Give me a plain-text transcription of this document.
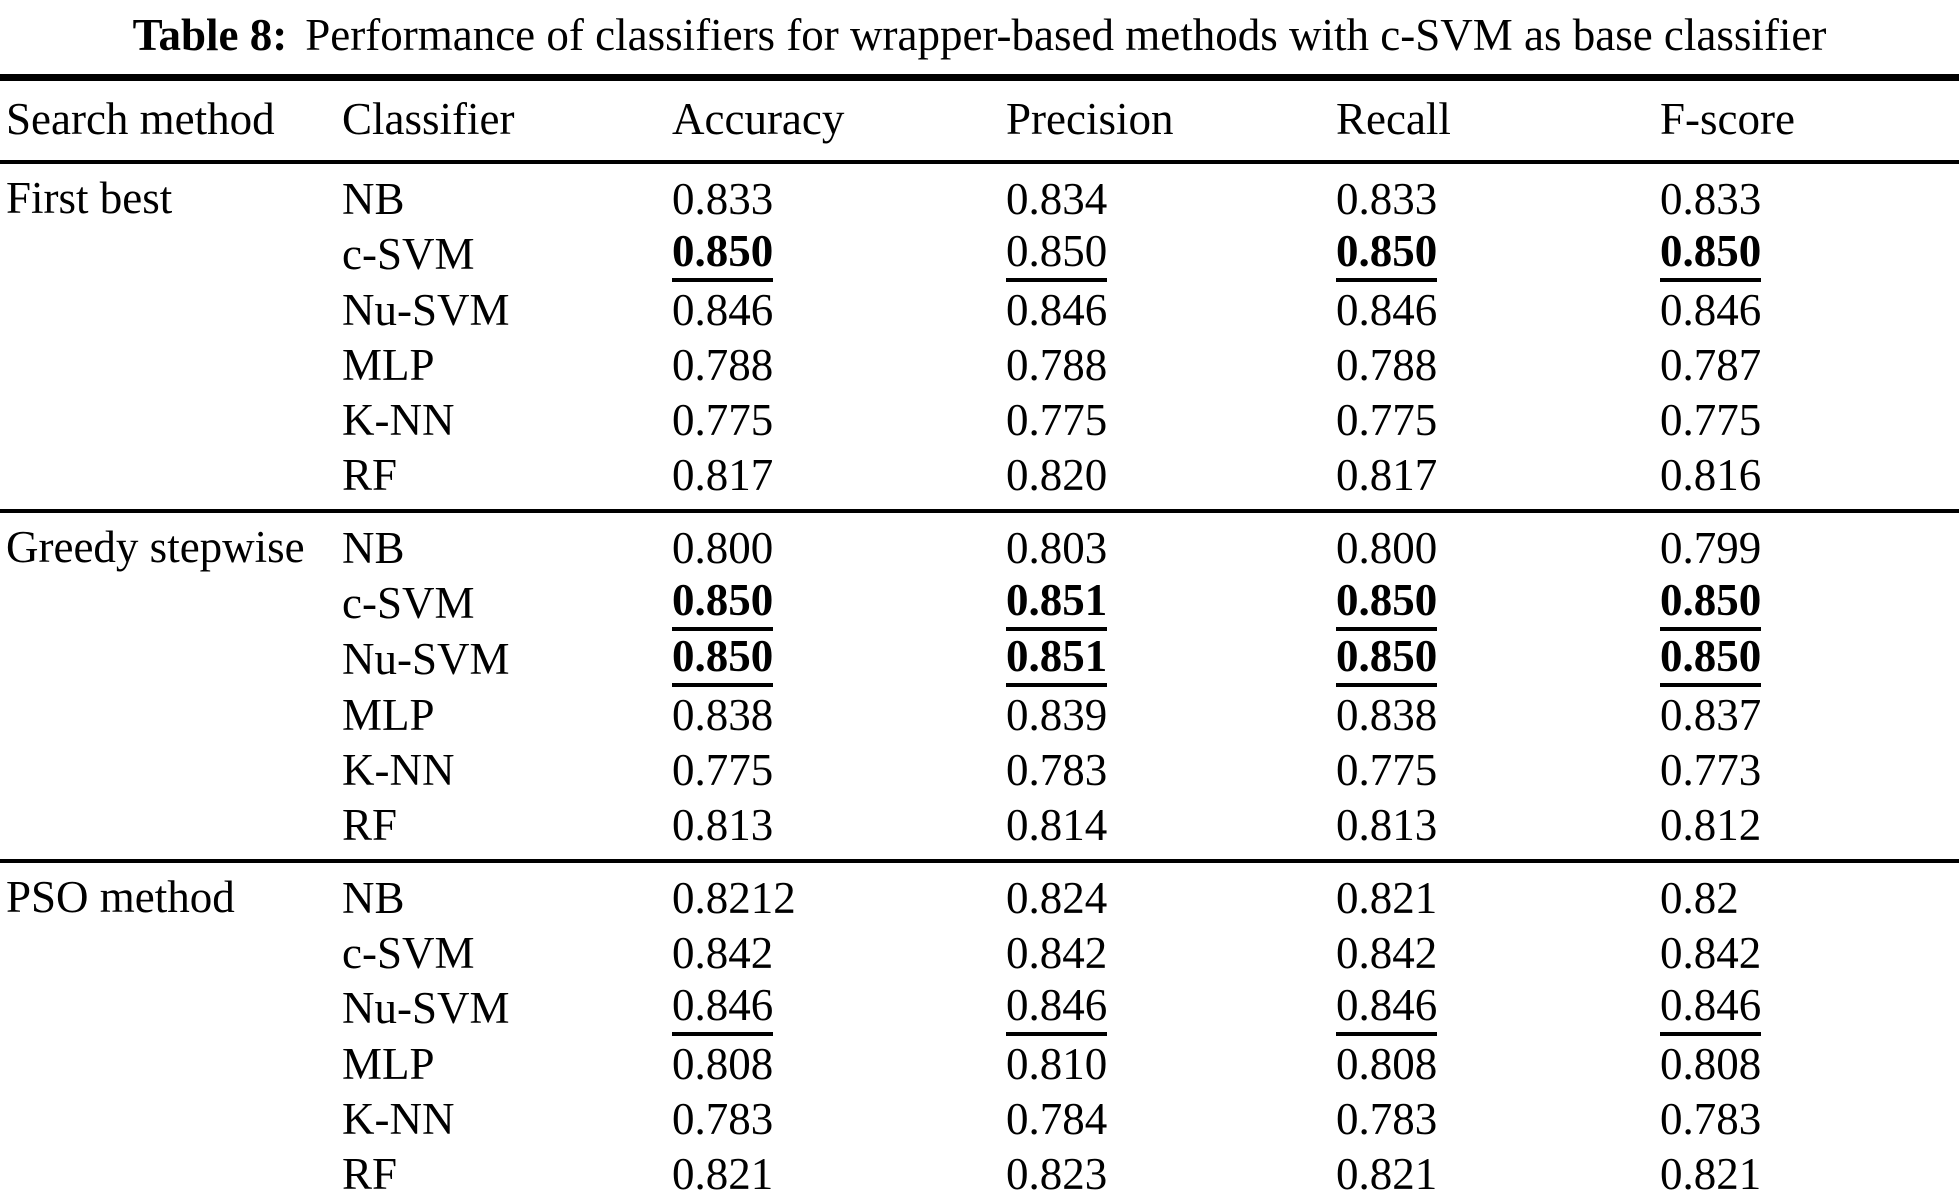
Table 8: Performance of classifiers for wrapper-based methods with c-SVM as base classifier
Search method	Classifier	Accuracy	Precision	Recall	F-score

First best	NB	0.833	0.834	0.833	0.833
	c-SVM	0.850	0.850	0.850	0.850
	Nu-SVM	0.846	0.846	0.846	0.846
	MLP	0.788	0.788	0.788	0.787
	K-NN	0.775	0.775	0.775	0.775
	RF	0.817	0.820	0.817	0.816

Greedy stepwise	NB	0.800	0.803	0.800	0.799
	c-SVM	0.850	0.851	0.850	0.850
	Nu-SVM	0.850	0.851	0.850	0.850
	MLP	0.838	0.839	0.838	0.837
	K-NN	0.775	0.783	0.775	0.773
	RF	0.813	0.814	0.813	0.812

PSO method	NB	0.8212	0.824	0.821	0.82
	c-SVM	0.842	0.842	0.842	0.842
	Nu-SVM	0.846	0.846	0.846	0.846
	MLP	0.808	0.810	0.808	0.808
	K-NN	0.783	0.784	0.783	0.783
	RF	0.821	0.823	0.821	0.821
